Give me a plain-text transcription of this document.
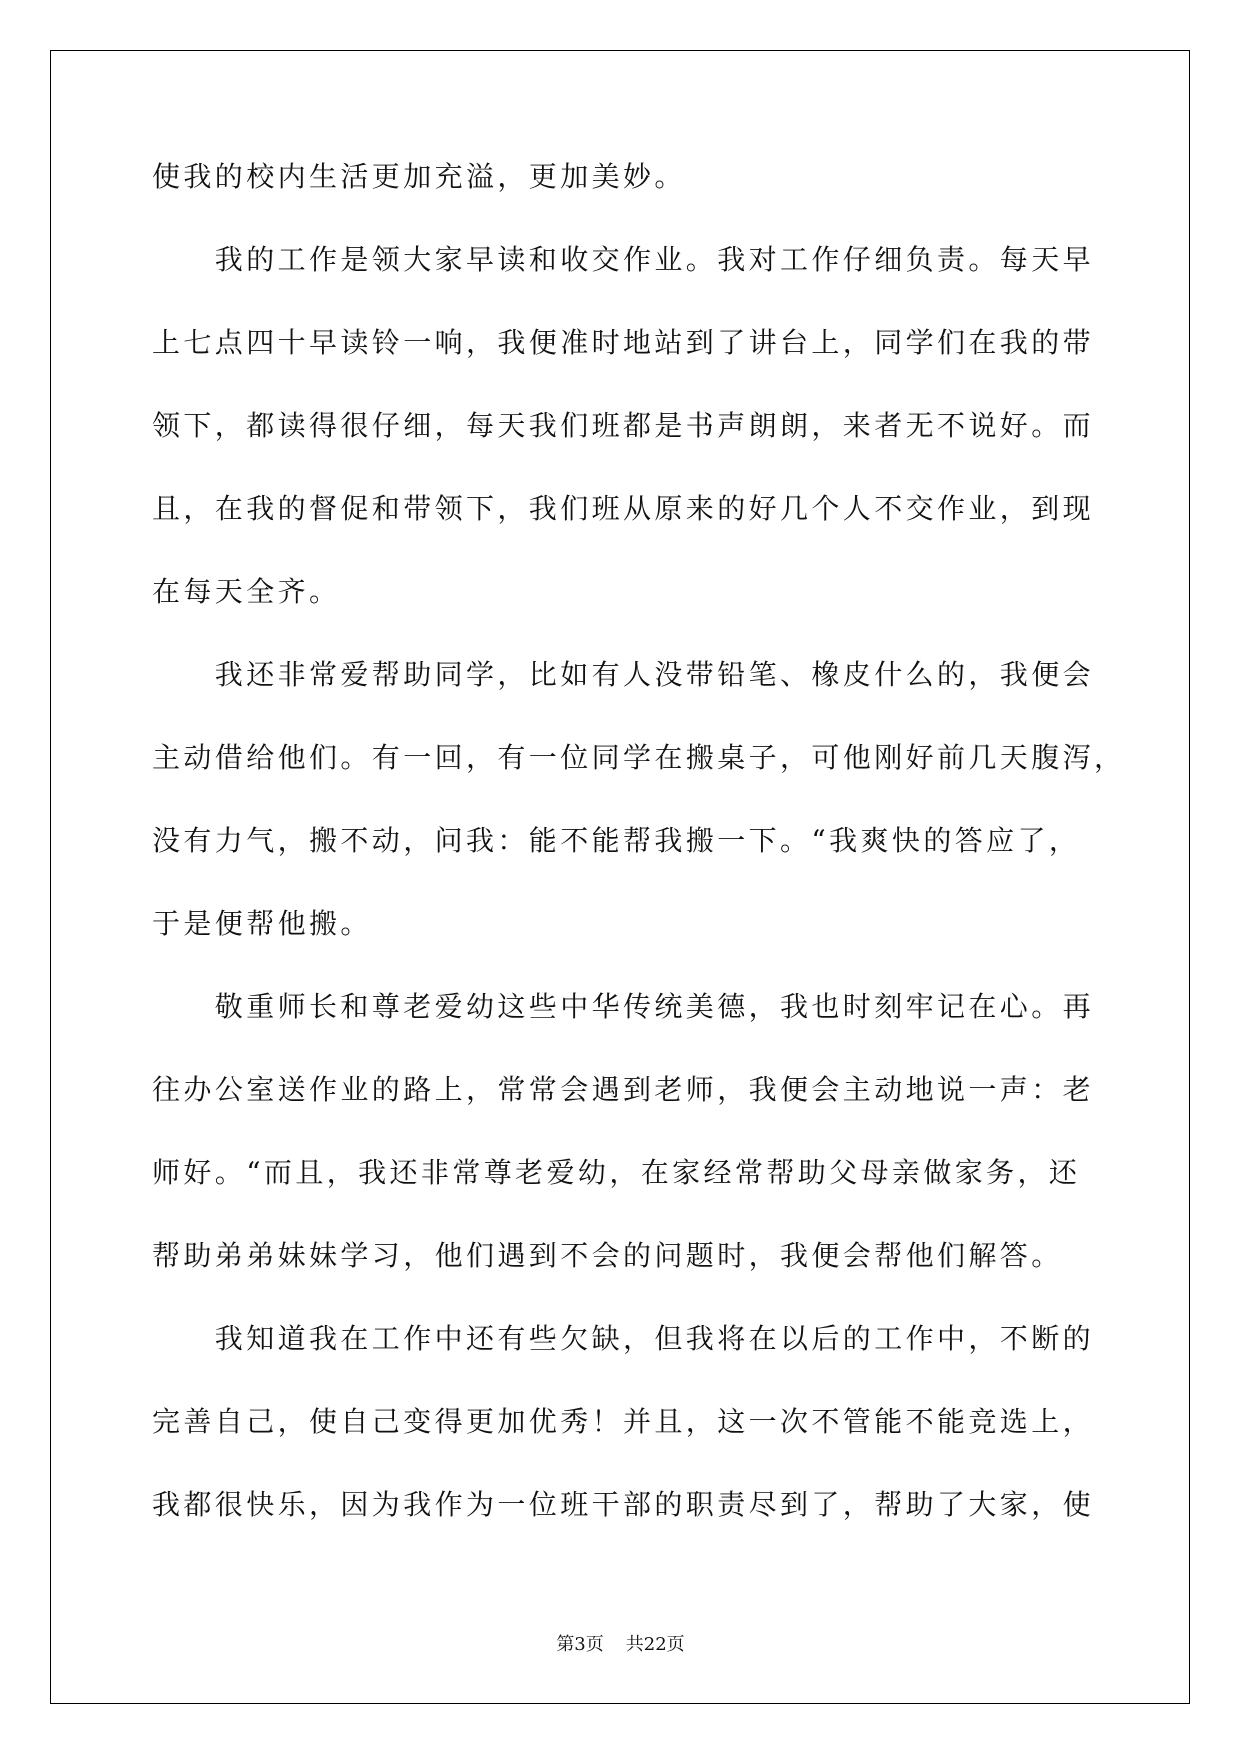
使我的校内生活更加充溢，更加美妙。
　　我的工作是领大家早读和收交作业。我对工作仔细负责。每天早
上七点四十早读铃一响，我便准时地站到了讲台上，同学们在我的带
领下，都读得很仔细，每天我们班都是书声朗朗，来者无不说好。而
且，在我的督促和带领下，我们班从原来的好几个人不交作业，到现
在每天全齐。
　　我还非常爱帮助同学，比如有人没带铅笔、橡皮什么的，我便会
主动借给他们。有一回，有一位同学在搬桌子，可他刚好前几天腹泻，
没有力气，搬不动，问我：能不能帮我搬一下。“我爽快的答应了，
于是便帮他搬。
　　敬重师长和尊老爱幼这些中华传统美德，我也时刻牢记在心。再
往办公室送作业的路上，常常会遇到老师，我便会主动地说一声：老
师好。“而且，我还非常尊老爱幼，在家经常帮助父母亲做家务，还
帮助弟弟妹妹学习，他们遇到不会的问题时，我便会帮他们解答。
　　我知道我在工作中还有些欠缺，但我将在以后的工作中，不断的
完善自己，使自己变得更加优秀！并且，这一次不管能不能竞选上，
我都很快乐，因为我作为一位班干部的职责尽到了，帮助了大家，使
第3页 共22页
